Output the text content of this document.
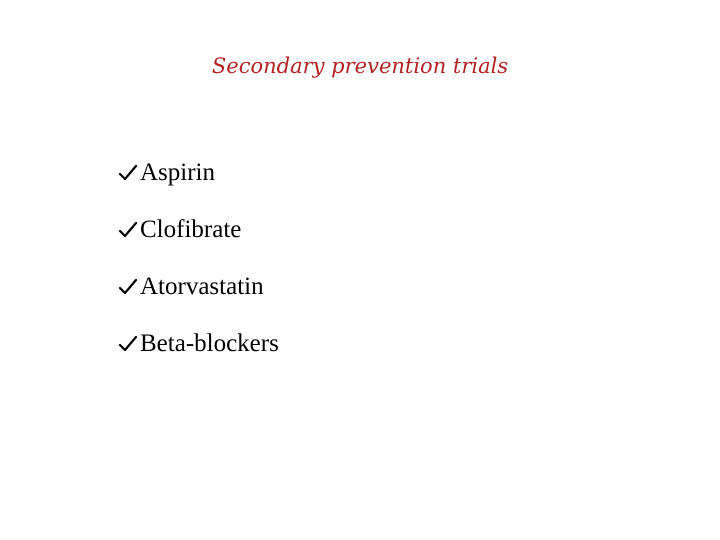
Secondary prevention trials
Aspirin
Clofibrate
Atorvastatin
Beta-blockers
